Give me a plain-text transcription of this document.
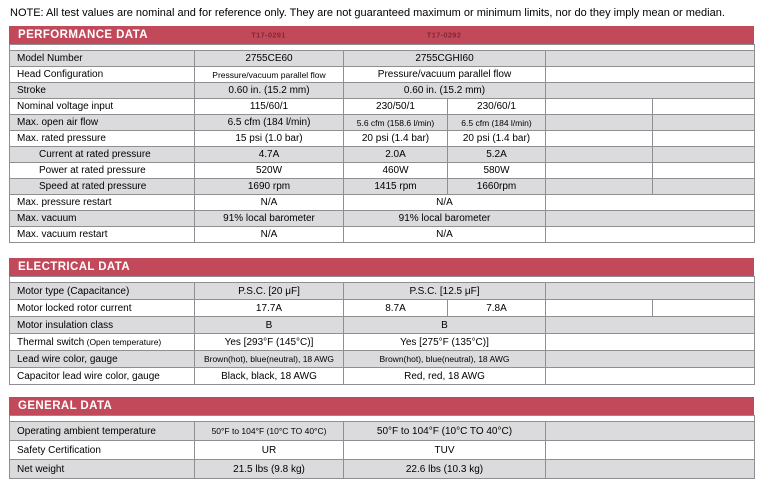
NOTE: All test values are nominal and for reference only. They are not guaranteed maximum or minimum limits, nor do they imply mean or median.
PERFORMANCE DATA	T17-0291	T17-0292

Model Number	2755CE60	2755CGHI60			
Head Configuration	Pressure/vacuum parallel flow	Pressure/vacuum parallel flow			
Stroke	0.60 in. (15.2 mm)	0.60 in. (15.2 mm)			
Nominal voltage input	115/60/1	230/50/1	230/60/1		
Max. open air flow	6.5 cfm (184 l/min)	5.6 cfm (158.6 l/min)	6.5 cfm (184 l/min)		
Max. rated pressure	15 psi (1.0 bar)	20 psi (1.4 bar)	20 psi (1.4 bar)		
Current at rated pressure	4.7A	2.0A	5.2A		
Power at rated pressure	520W	460W	580W		
Speed at rated pressure	1690 rpm	1415 rpm	1660rpm		
Max. pressure restart	N/A	N/A			
Max. vacuum	91% local barometer	91% local barometer			
Max. vacuum restart	N/A	N/A			
ELECTRICAL DATA

Motor type (Capacitance)	P.S.C. [20 μF]	P.S.C. [12.5 μF]			
Motor locked rotor current	17.7A	8.7A	7.8A		
Motor insulation class	B	B			
Thermal switch (Open temperature)	Yes [293°F (145°C)]	Yes [275°F (135°C)]			
Lead wire color, gauge	Brown(hot), blue(neutral), 18 AWG	Brown(hot), blue(neutral), 18 AWG			
Capacitor lead wire color, gauge	Black, black, 18 AWG	Red, red, 18 AWG			
GENERAL DATA

Operating ambient temperature	50°F to 104°F (10°C TO 40°C)	50°F to 104°F (10°C TO 40°C)	
Safety Certification	UR	TUV	
Net weight	21.5 lbs (9.8 kg)	22.6 lbs (10.3 kg)	
